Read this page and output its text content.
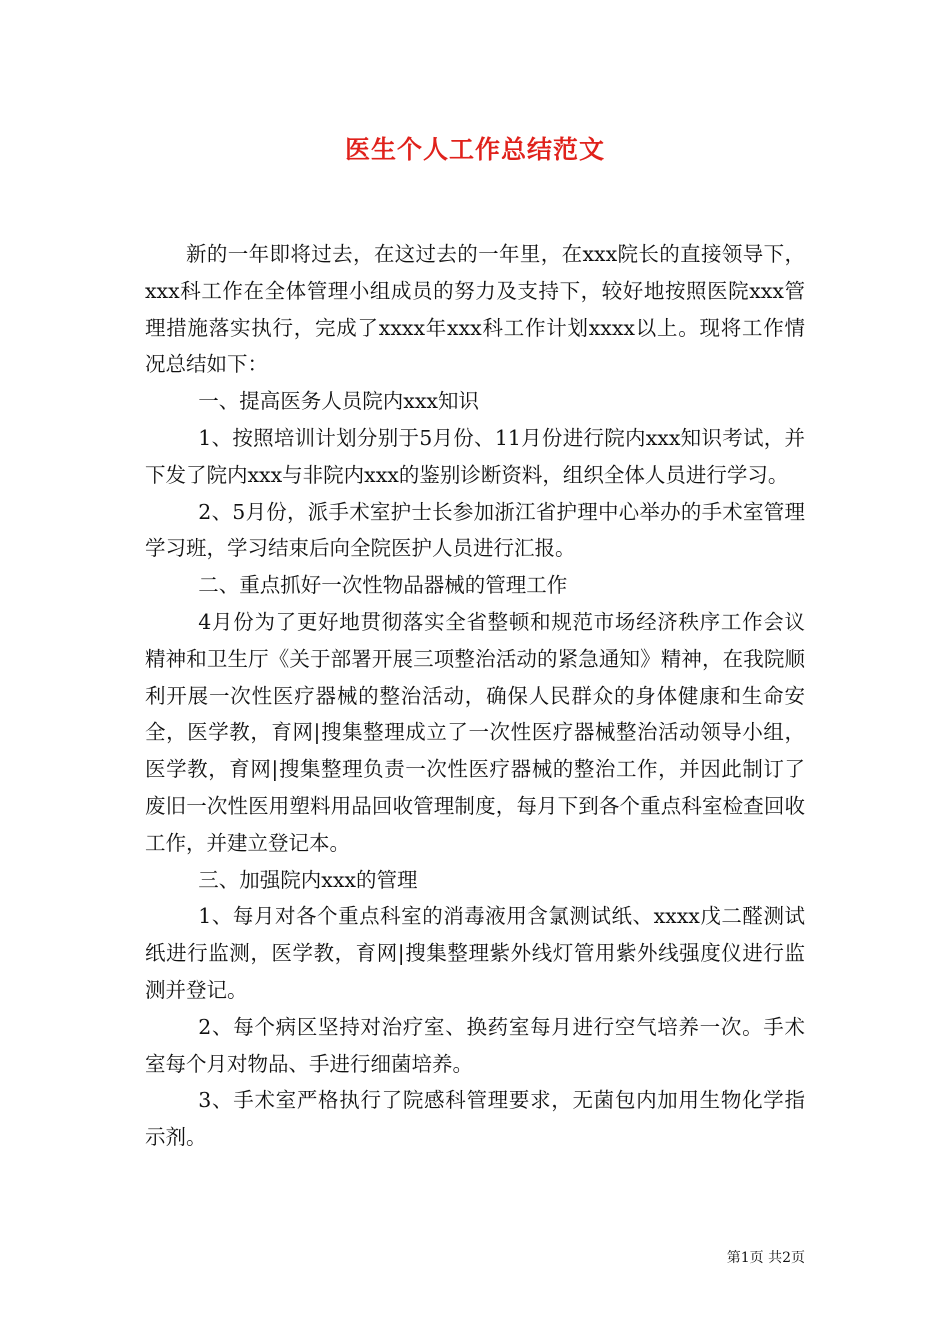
医生个人工作总结范文

新的一年即将过去，在这过去的一年里，在xxx院长的直接领导下，xxx科工作在全体管理小组成员的努力及支持下，较好地按照医院xxx管理措施落实执行，完成了xxxx年xxx科工作计划xxxx以上。现将工作情况总结如下：

一、提高医务人员院内xxx知识

1、按照培训计划分别于5月份、11月份进行院内xxx知识考试，并下发了院内xxx与非院内xxx的鉴别诊断资料，组织全体人员进行学习。

2、5月份，派手术室护士长参加浙江省护理中心举办的手术室管理学习班，学习结束后向全院医护人员进行汇报。

二、重点抓好一次性物品器械的管理工作

4月份为了更好地贯彻落实全省整顿和规范市场经济秩序工作会议精神和卫生厅《关于部署开展三项整治活动的紧急通知》精神，在我院顺利开展一次性医疗器械的整治活动，确保人民群众的身体健康和生命安全，医学教，育网|搜集整理成立了一次性医疗器械整治活动领导小组，医学教，育网|搜集整理负责一次性医疗器械的整治工作，并因此制订了废旧一次性医用塑料用品回收管理制度，每月下到各个重点科室检查回收工作，并建立登记本。

三、加强院内xxx的管理

1、每月对各个重点科室的消毒液用含氯测试纸、xxxx戊二醛测试纸进行监测，医学教，育网|搜集整理紫外线灯管用紫外线强度仪进行监测并登记。

2、每个病区坚持对治疗室、换药室每月进行空气培养一次。手术室每个月对物品、手进行细菌培养。

3、手术室严格执行了院感科管理要求，无菌包内加用生物化学指示剂。

第1页 共2页
